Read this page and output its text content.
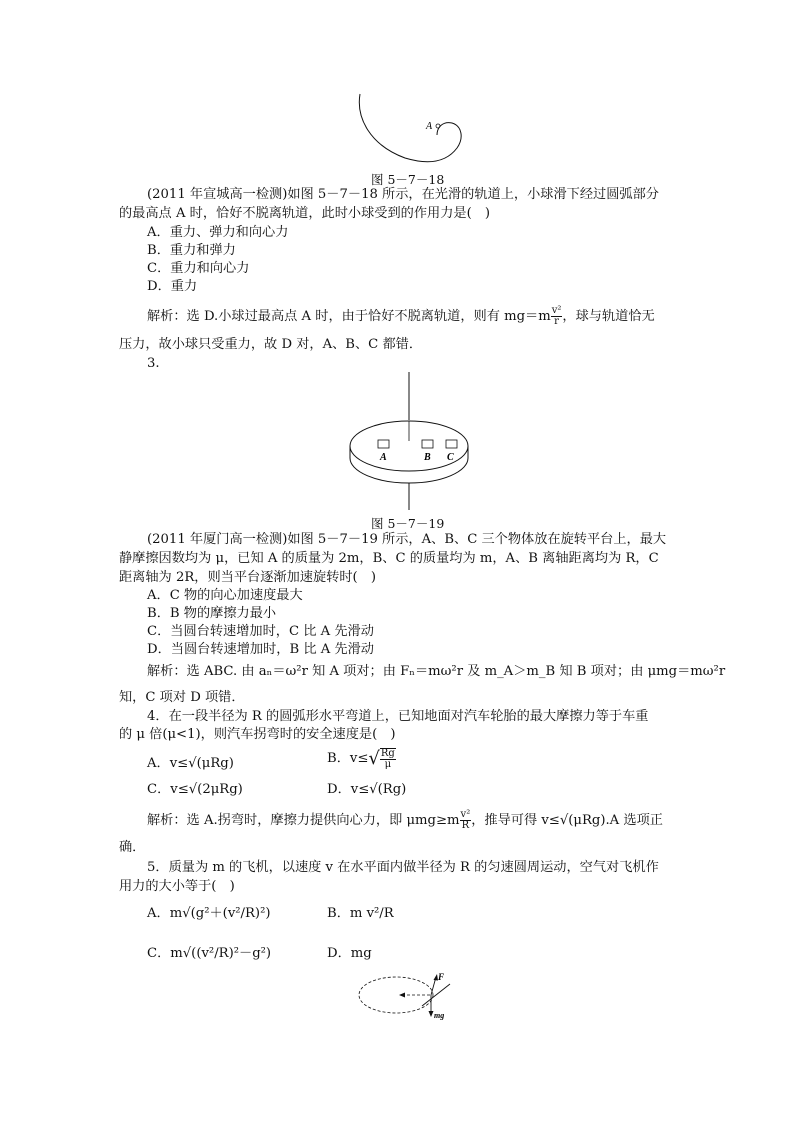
A
图 5－7－18
(2011 年宣城高一检测)如图 5－7－18 所示，在光滑的轨道上，小球滑下经过圆弧部分
的最高点 A 时，恰好不脱离轨道，此时小球受到的作用力是(　)
A．重力、弹力和向心力
B．重力和弹力
C．重力和向心力
D．重力
解析：选 D.小球过最高点 A 时，由于恰好不脱离轨道，则有 $mg=m \frac{\text{v²}}{r}$ ，球与轨道恰无
压力，故小球只受重力，故 D 对，A、B、C 都错．
3.
A	B C
图 5－7－19
(2011 年厦门高一检测)如图 5－7－19 所示，A、B、C 三个物体放在旋转平台上，最大
静摩擦因数均为 μ，已知 A 的质量为 2m，B、C 的质量均为 m，A、B 离轴距离均为 R，C
距离轴为 2R，则当平台逐渐加速旋转时(　)
A．C 物的向心加速度最大
B．B 物的摩擦力最小
C．当圆台转速增加时，C 比 A 先滑动
D．当圆台转速增加时，B 比 A 先滑动
解析：选 ABC. 由 aₙ＝ω²r 知 A 项对；由 Fₙ＝mω²r 及 m_A＞m_B 知 B 项对；由 μmg＝mω²r
知，C 项对 D 项错．
4．在一段半径为 R 的圆弧形水平弯道上，已知地面对汽车轮胎的最大摩擦力等于车重
的 μ 倍(μ<1)，则汽车拐弯时的安全速度是(　)
A．v≤√(μRg)	B．$v\le√ \frac{Rg}{\mu}$
C．v≤√(2μRg)	D．v≤√(Rg)
解析：选 A.拐弯时，摩擦力提供向心力，即 $\mu mg\ge m \frac{\text{v²}}{R}$ ，推导可得 v≤√(μRg).A 选项正
确．
5．质量为 m 的飞机，以速度 v 在水平面内做半径为 R 的匀速圆周运动，空气对飞机作
用力的大小等于(　)
A．m√(g²＋(v²/R)²)	B．m v²/R
C．m√((v²/R)²－g²)	D．mg
F
mg
